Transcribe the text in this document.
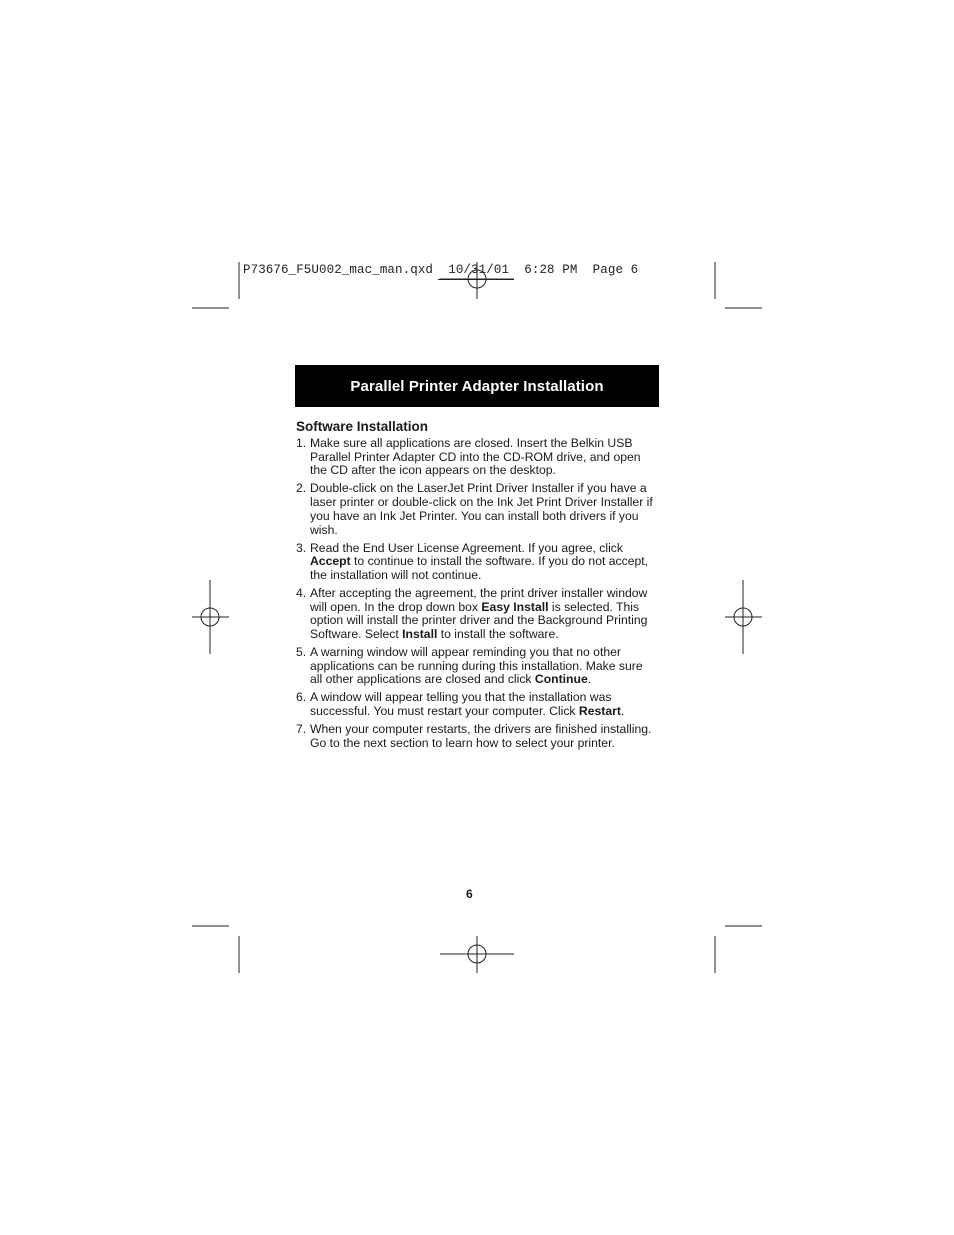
P73676_F5U002_mac_man.qxd  10/31/01  6:28 PM  Page 6
Parallel Printer Adapter Installation
Software Installation
1. Make sure all applications are closed. Insert the Belkin USB Parallel Printer Adapter CD into the CD-ROM drive, and open the CD after the icon appears on the desktop.
2. Double-click on the LaserJet Print Driver Installer if you have a laser printer or double-click on the Ink Jet Print Driver Installer if you have an Ink Jet Printer. You can install both drivers if you wish.
3. Read the End User License Agreement. If you agree, click Accept to continue to install the software. If you do not accept, the installation will not continue.
4. After accepting the agreement, the print driver installer window will open. In the drop down box Easy Install is selected. This option will install the printer driver and the Background Printing Software. Select Install to install the software.
5. A warning window will appear reminding you that no other applications can be running during this installation. Make sure all other applications are closed and click Continue.
6. A window will appear telling you that the installation was successful. You must restart your computer. Click Restart.
7. When your computer restarts, the drivers are finished installing. Go to the next section to learn how to select your printer.
6
